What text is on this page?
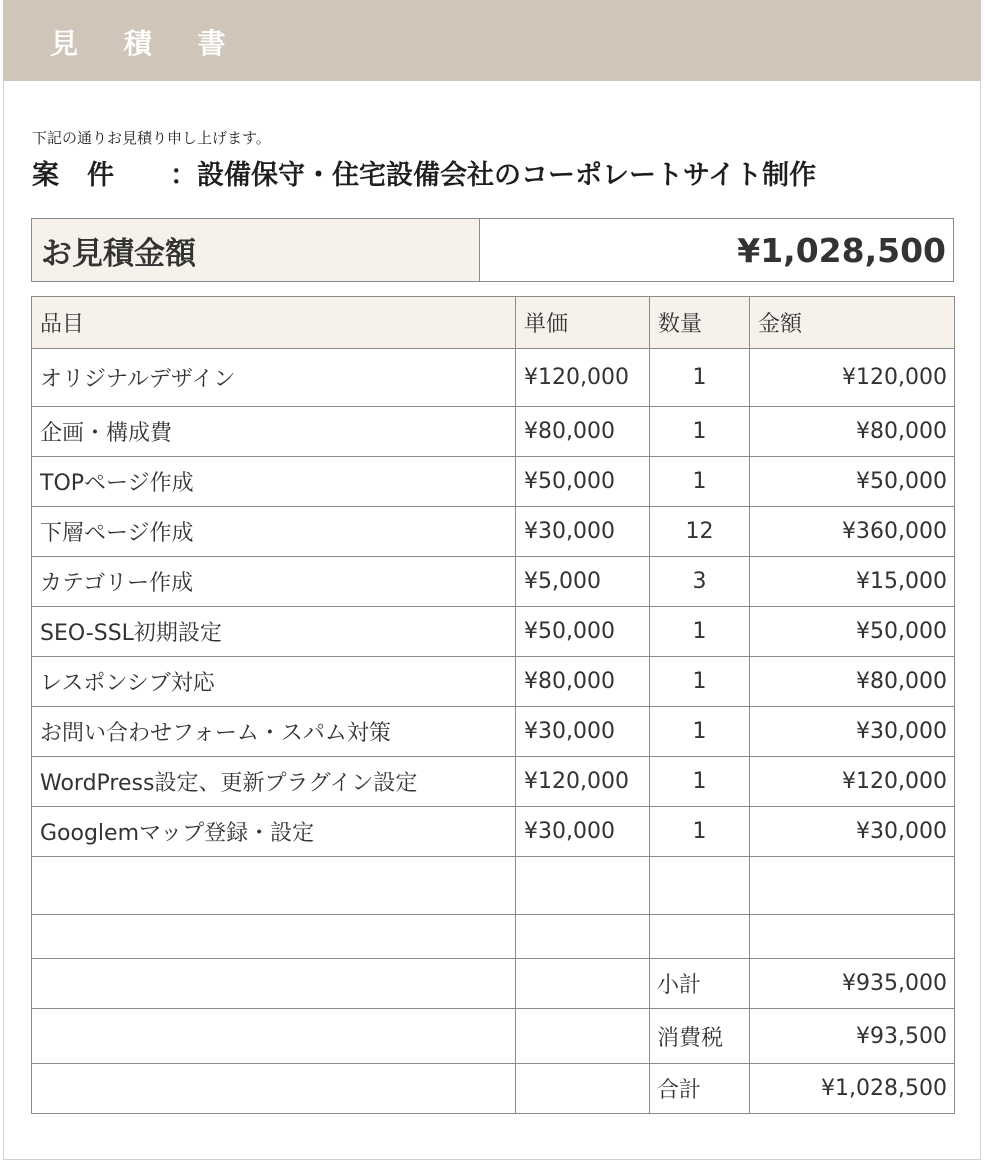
見 積 書
下記の通りお見積り申し上げます。
案 件 ：設備保守・住宅設備会社のコーポレートサイト制作
お見積金額	¥1,028,500
品目	単価	数量	金額
オリジナルデザイン	¥120,000	1	¥120,000
企画・構成費	¥80,000	1	¥80,000
TOPページ作成	¥50,000	1	¥50,000
下層ページ作成	¥30,000	12	¥360,000
カテゴリー作成	¥5,000	3	¥15,000
SEO-SSL初期設定	¥50,000	1	¥50,000
レスポンシブ対応	¥80,000	1	¥80,000
お問い合わせフォーム・スパム対策	¥30,000	1	¥30,000
WordPress設定、更新プラグイン設定	¥120,000	1	¥120,000
Googlemマップ登録・設定	¥30,000	1	¥30,000

		小計	¥935,000
		消費税	¥93,500
		合計	¥1,028,500
